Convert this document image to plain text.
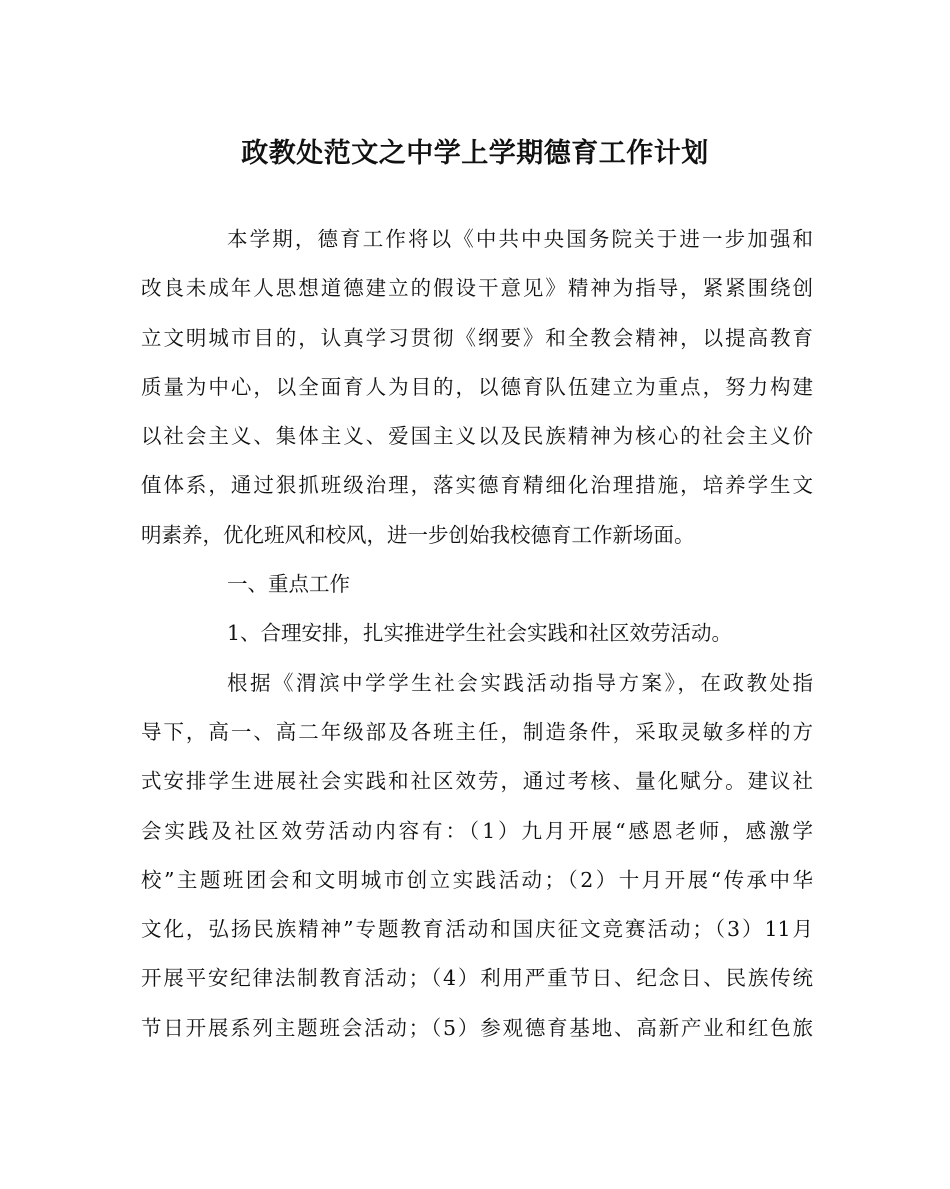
政教处范文之中学上学期德育工作计划
本学期，德育工作将以《中共中央国务院关于进一步加强和
改良未成年人思想道德建立的假设干意见》精神为指导，紧紧围绕创
立文明城市目的，认真学习贯彻《纲要》和全教会精神，以提高教育
质量为中心，以全面育人为目的，以德育队伍建立为重点，努力构建
以社会主义、集体主义、爱国主义以及民族精神为核心的社会主义价
值体系，通过狠抓班级治理，落实德育精细化治理措施，培养学生文
明素养，优化班风和校风，进一步创始我校德育工作新场面。
一、重点工作
1、合理安排，扎实推进学生社会实践和社区效劳活动。
根据《渭滨中学学生社会实践活动指导方案》，在政教处指
导下，高一、高二年级部及各班主任，制造条件，采取灵敏多样的方
式安排学生进展社会实践和社区效劳，通过考核、量化赋分。建议社
会实践及社区效劳活动内容有：（1）九月开展“感恩老师，感激学
校”主题班团会和文明城市创立实践活动；（2）十月开展“传承中华
文化，弘扬民族精神”专题教育活动和国庆征文竞赛活动；（3）11月
开展平安纪律法制教育活动；（4）利用严重节日、纪念日、民族传统
节日开展系列主题班会活动；（5）参观德育基地、高新产业和红色旅
